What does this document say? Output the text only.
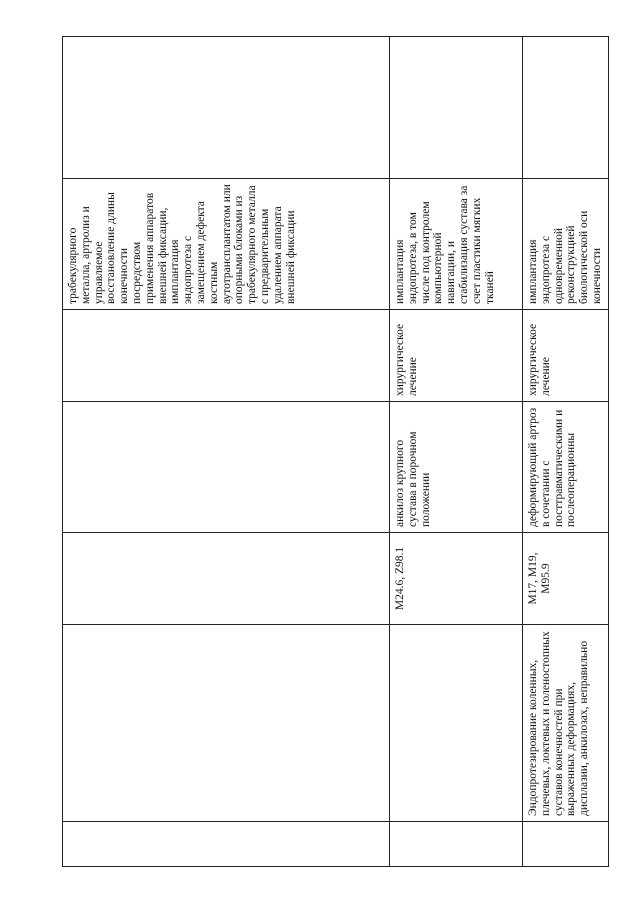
					трабекулярного металла, артролиз и управляемое восстановление длины конечности посредством применения аппаратов внешней фиксации, имплантация эндопротеза с замещением дефекта костным аутотрансплантатом или опорными блоками из трабекулярного металла с предварительным удалением аппарата внешней фиксации	
		M24.6, Z98.1	анкилоз крупного сустава в порочном положении	хирургическое лечение	имплантация эндопротеза, в том числе под контролем компьютерной навигации, и стабилизация сустава за счет пластики мягких тканей	
	Эндопротезирование коленных, плечевых, локтевых и голеностопных суставов конечностей при выраженных деформациях, дисплазии, анкилозах, неправильно	M17, M19, M95.9	деформирующий артроз в сочетании с посттравматическими и послеоперационны	хирургическое лечение	имплантация эндопротеза с одновременной реконструкцией биологической оси конечности	
